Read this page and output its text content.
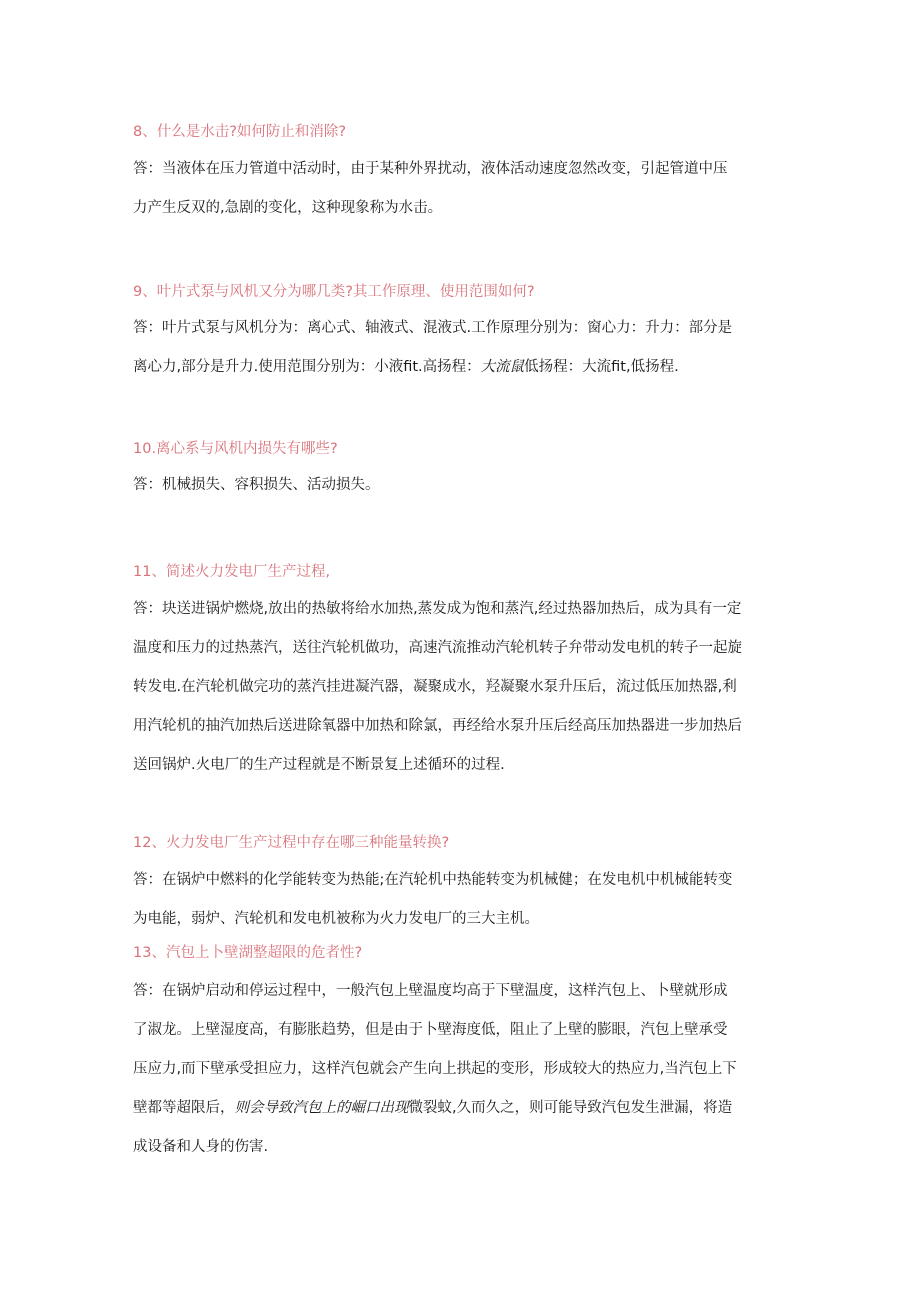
8、什么是水击?如何防止和消除?
答：当液体在压力管道中活动时，由于某种外界扰动，液体活动速度忽然改变，引起管道中压
力产生反双的,急剧的变化，这种现象称为水击。
9、叶片式泵与风机又分为哪几类?其工作原理、使用范围如何?
答：叶片式泵与风机分为：离心式、轴液式、混液式.工作原理分别为：窗心力：升力：部分是
离心力,部分是升力.使用范围分别为：小液fit.高扬程：大流鼠低扬程：大流fit,低扬程.
10.离心系与风机内损失有哪些?
答：机械损失、容积损失、活动损失。
11、简述火力发电厂生产过程,
答：块送进锅炉燃烧,放出的热敏将给水加热,蒸发成为饱和蒸汽,经过热器加热后，成为具有一定
温度和压力的过热蒸汽，送往汽轮机做功，高速汽流推动汽轮机转子弁带动发电机的转子一起旋
转发电.在汽轮机做完功的蒸汽挂进凝汽器，凝聚成水，羟凝聚水泵升压后，流过低压加热器,利
用汽轮机的抽汽加热后送进除氧器中加热和除氯，再经给水泵升压后经高压加热器进一步加热后
送回锅炉.火电厂的生产过程就是不断景复上述循环的过程.
12、火力发电厂生产过程中存在哪三种能量转换?
答：在锅炉中燃料的化学能转变为热能;在汽轮机中热能转变为机械健；在发电机中机械能转变
为电能，弱炉、汽轮机和发电机被称为火力发电厂的三大主机。
13、汽包上卜壁湖整超限的危者性?
答：在锅炉启动和停运过程中，一般汽包上壁温度均高于下壁温度，这样汽包上、卜壁就形成
了淑龙。上壁湿度高，有膨胀趋势，但是由于卜壁海度低，阻止了上壁的膨眼，汽包上壁承受
压应力,而下壁承受担应力，这样汽包就会产生向上拱起的变形，形成较大的热应力,当汽包上下
壁都等超限后，则会导致汽包上的崛口出现微裂蚊,久而久之，则可能导致汽包发生泄漏，将造
成设备和人身的伤害.
